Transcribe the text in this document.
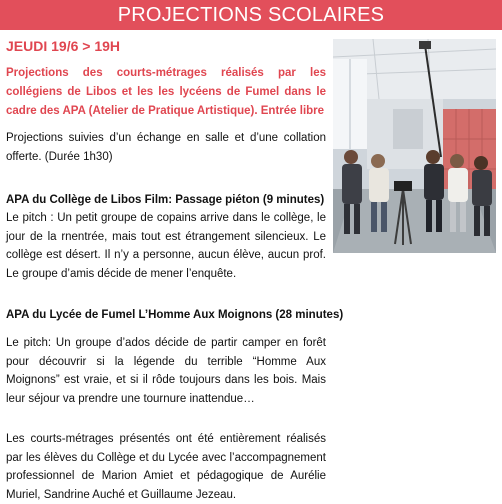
PROJECTIONS SCOLAIRES

JEUDI 19/6 > 19H

Projections des courts-métrages réalisés par les collégiens de Libos et les les lycéens de Fumel dans le cadre des APA (Atelier de Pratique Artistique). Entrée libre

Projections suivies d’un échange en salle et d’une collation offerte. (Durée 1h30)

APA du Collège de Libos Film: Passage piéton (9 minutes)

Le pitch : Un petit groupe de copains arrive dans le collège, le jour de la rnentrée, mais tout est étrangement silencieux. Le collège est désert. Il n’y a personne, aucun élève, aucun prof. Le groupe d’amis décide de mener l’enquête.

APA du Lycée de Fumel L’Homme Aux Moignons (28 minutes)

Le pitch: Un groupe d’ados décide de partir camper en forêt pour découvrir si la légende du terrible “Homme Aux Moignons” est vraie, et si il rôde toujours dans les bois. Mais leur séjour va prendre une tournure inattendue…

Les courts-métrages présentés ont été entièrement réalisés par les élèves du Collège et du Lycée avec l’accompagnement professionnel de Marion Amiet et pédagogique de Aurélie Muriel, Sandrine Auché et Guillaume Jezeau.
